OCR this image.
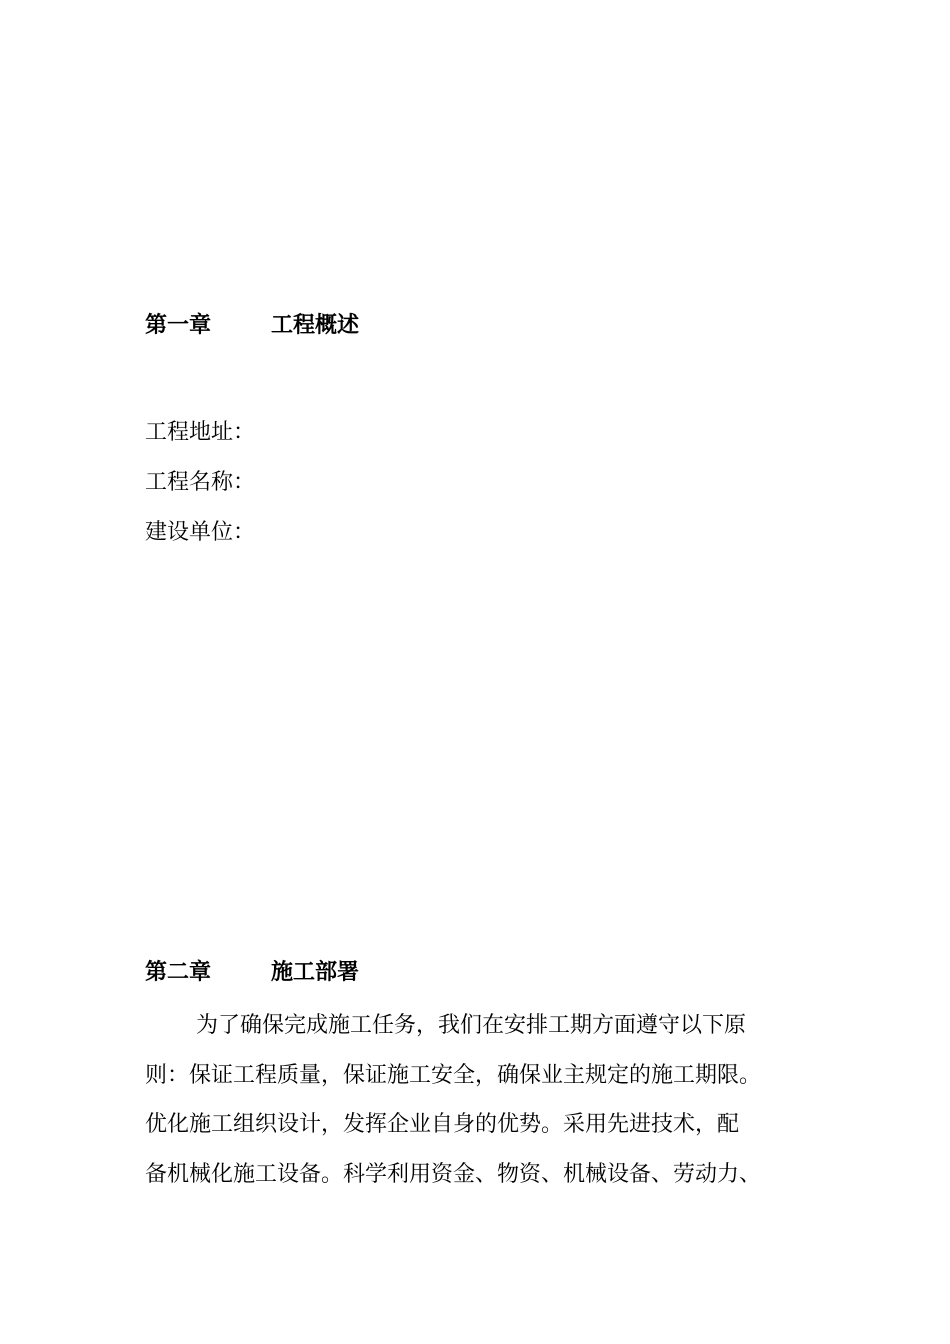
第一章	工程概述
工程地址：
工程名称：
建设单位：
第二章	施工部署
为了确保完成施工任务，我们在安排工期方面遵守以下原
则：保证工程质量，保证施工安全，确保业主规定的施工期限。
优化施工组织设计，发挥企业自身的优势。采用先进技术，配
备机械化施工设备。科学利用资金、物资、机械设备、劳动力、
